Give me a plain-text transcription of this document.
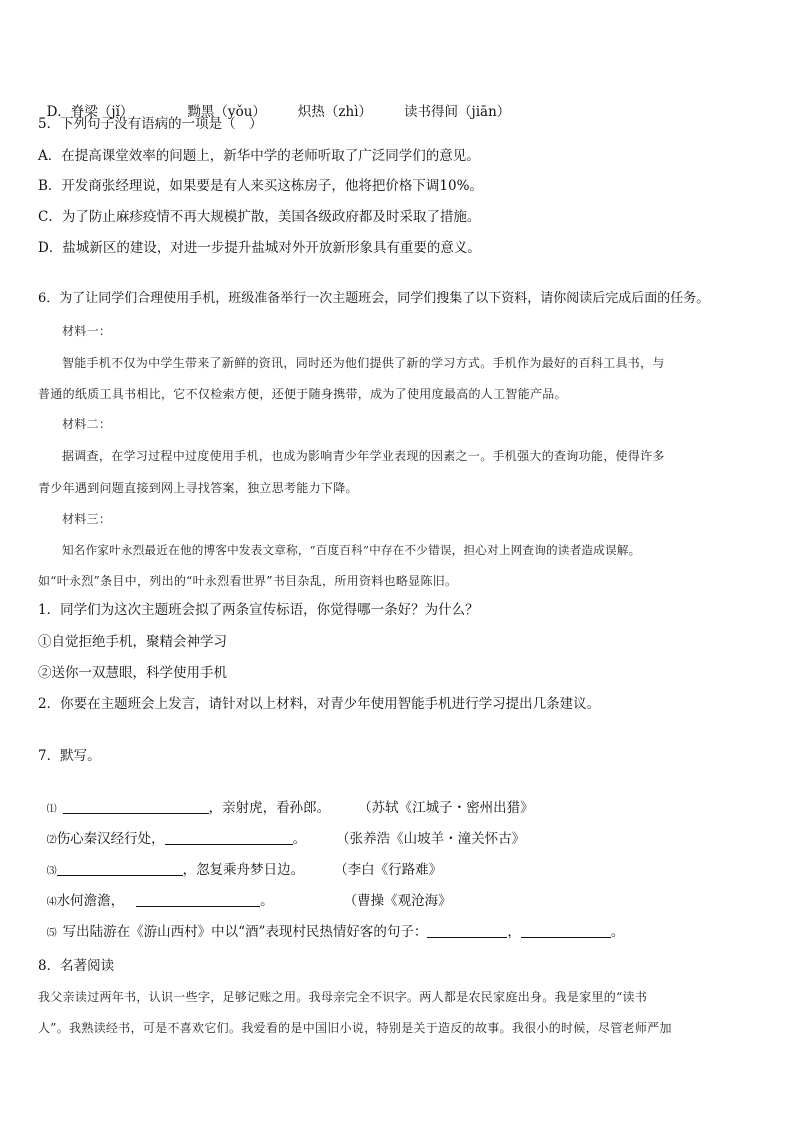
D．脊梁（jǐ）	黝黑（yǒu） 炽热（zhì） 读书得间（jiān）

5．下列句子没有语病的一项是（　）
A．在提高课堂效率的问题上，新华中学的老师听取了广泛同学们的意见。
B．开发商张经理说，如果要是有人来买这栋房子，他将把价格下调10%。
C．为了防止麻疹疫情不再大规模扩散，美国各级政府都及时采取了措施。
D．盐城新区的建设，对进一步提升盐城对外开放新形象具有重要的意义。
6．为了让同学们合理使用手机，班级准备举行一次主题班会，同学们搜集了以下资料，请你阅读后完成后面的任务。
材料一：
智能手机不仅为中学生带来了新鲜的资讯，同时还为他们提供了新的学习方式。手机作为最好的百科工具书，与
普通的纸质工具书相比，它不仅检索方便，还便于随身携带，成为了使用度最高的人工智能产品。
材料二：
据调查，在学习过程中过度使用手机，也成为影响青少年学业表现的因素之一。手机强大的查询功能，使得许多
青少年遇到问题直接到网上寻找答案，独立思考能力下降。
材料三：
知名作家叶永烈最近在他的博客中发表文章称，“百度百科”中存在不少错误，担心对上网查询的读者造成误解。
如“叶永烈”条目中，列出的“叶永烈看世界”书目杂乱，所用资料也略显陈旧。
1．同学们为这次主题班会拟了两条宣传标语，你觉得哪一条好？为什么？
①自觉拒绝手机，聚精会神学习
②送你一双慧眼，科学使用手机
2．你要在主题班会上发言，请针对以上材料，对青少年使用智能手机进行学习提出几条建议。
7．默写。

⑴	，亲射虎，看孙郎。 （苏轼《江城子・密州出猎》

⑵伤心秦汉经行处，	。 （张养浩《山坡羊・潼关怀古》

⑶	，忽复乘舟梦日边。 （李白《行路难》

⑷水何澹澹，	。	（曹操《观沧海》

⑸ 写出陆游在《游山西村》中以“酒”表现村民热情好客的句子：	，	。

8．名著阅读
我父亲读过两年书，认识一些字，足够记账之用。我母亲完全不识字。两人都是农民家庭出身。我是家里的“读书
人”。我熟读经书，可是不喜欢它们。我爱看的是中国旧小说，特别是关于造反的故事。我很小的时候，尽管老师严加
